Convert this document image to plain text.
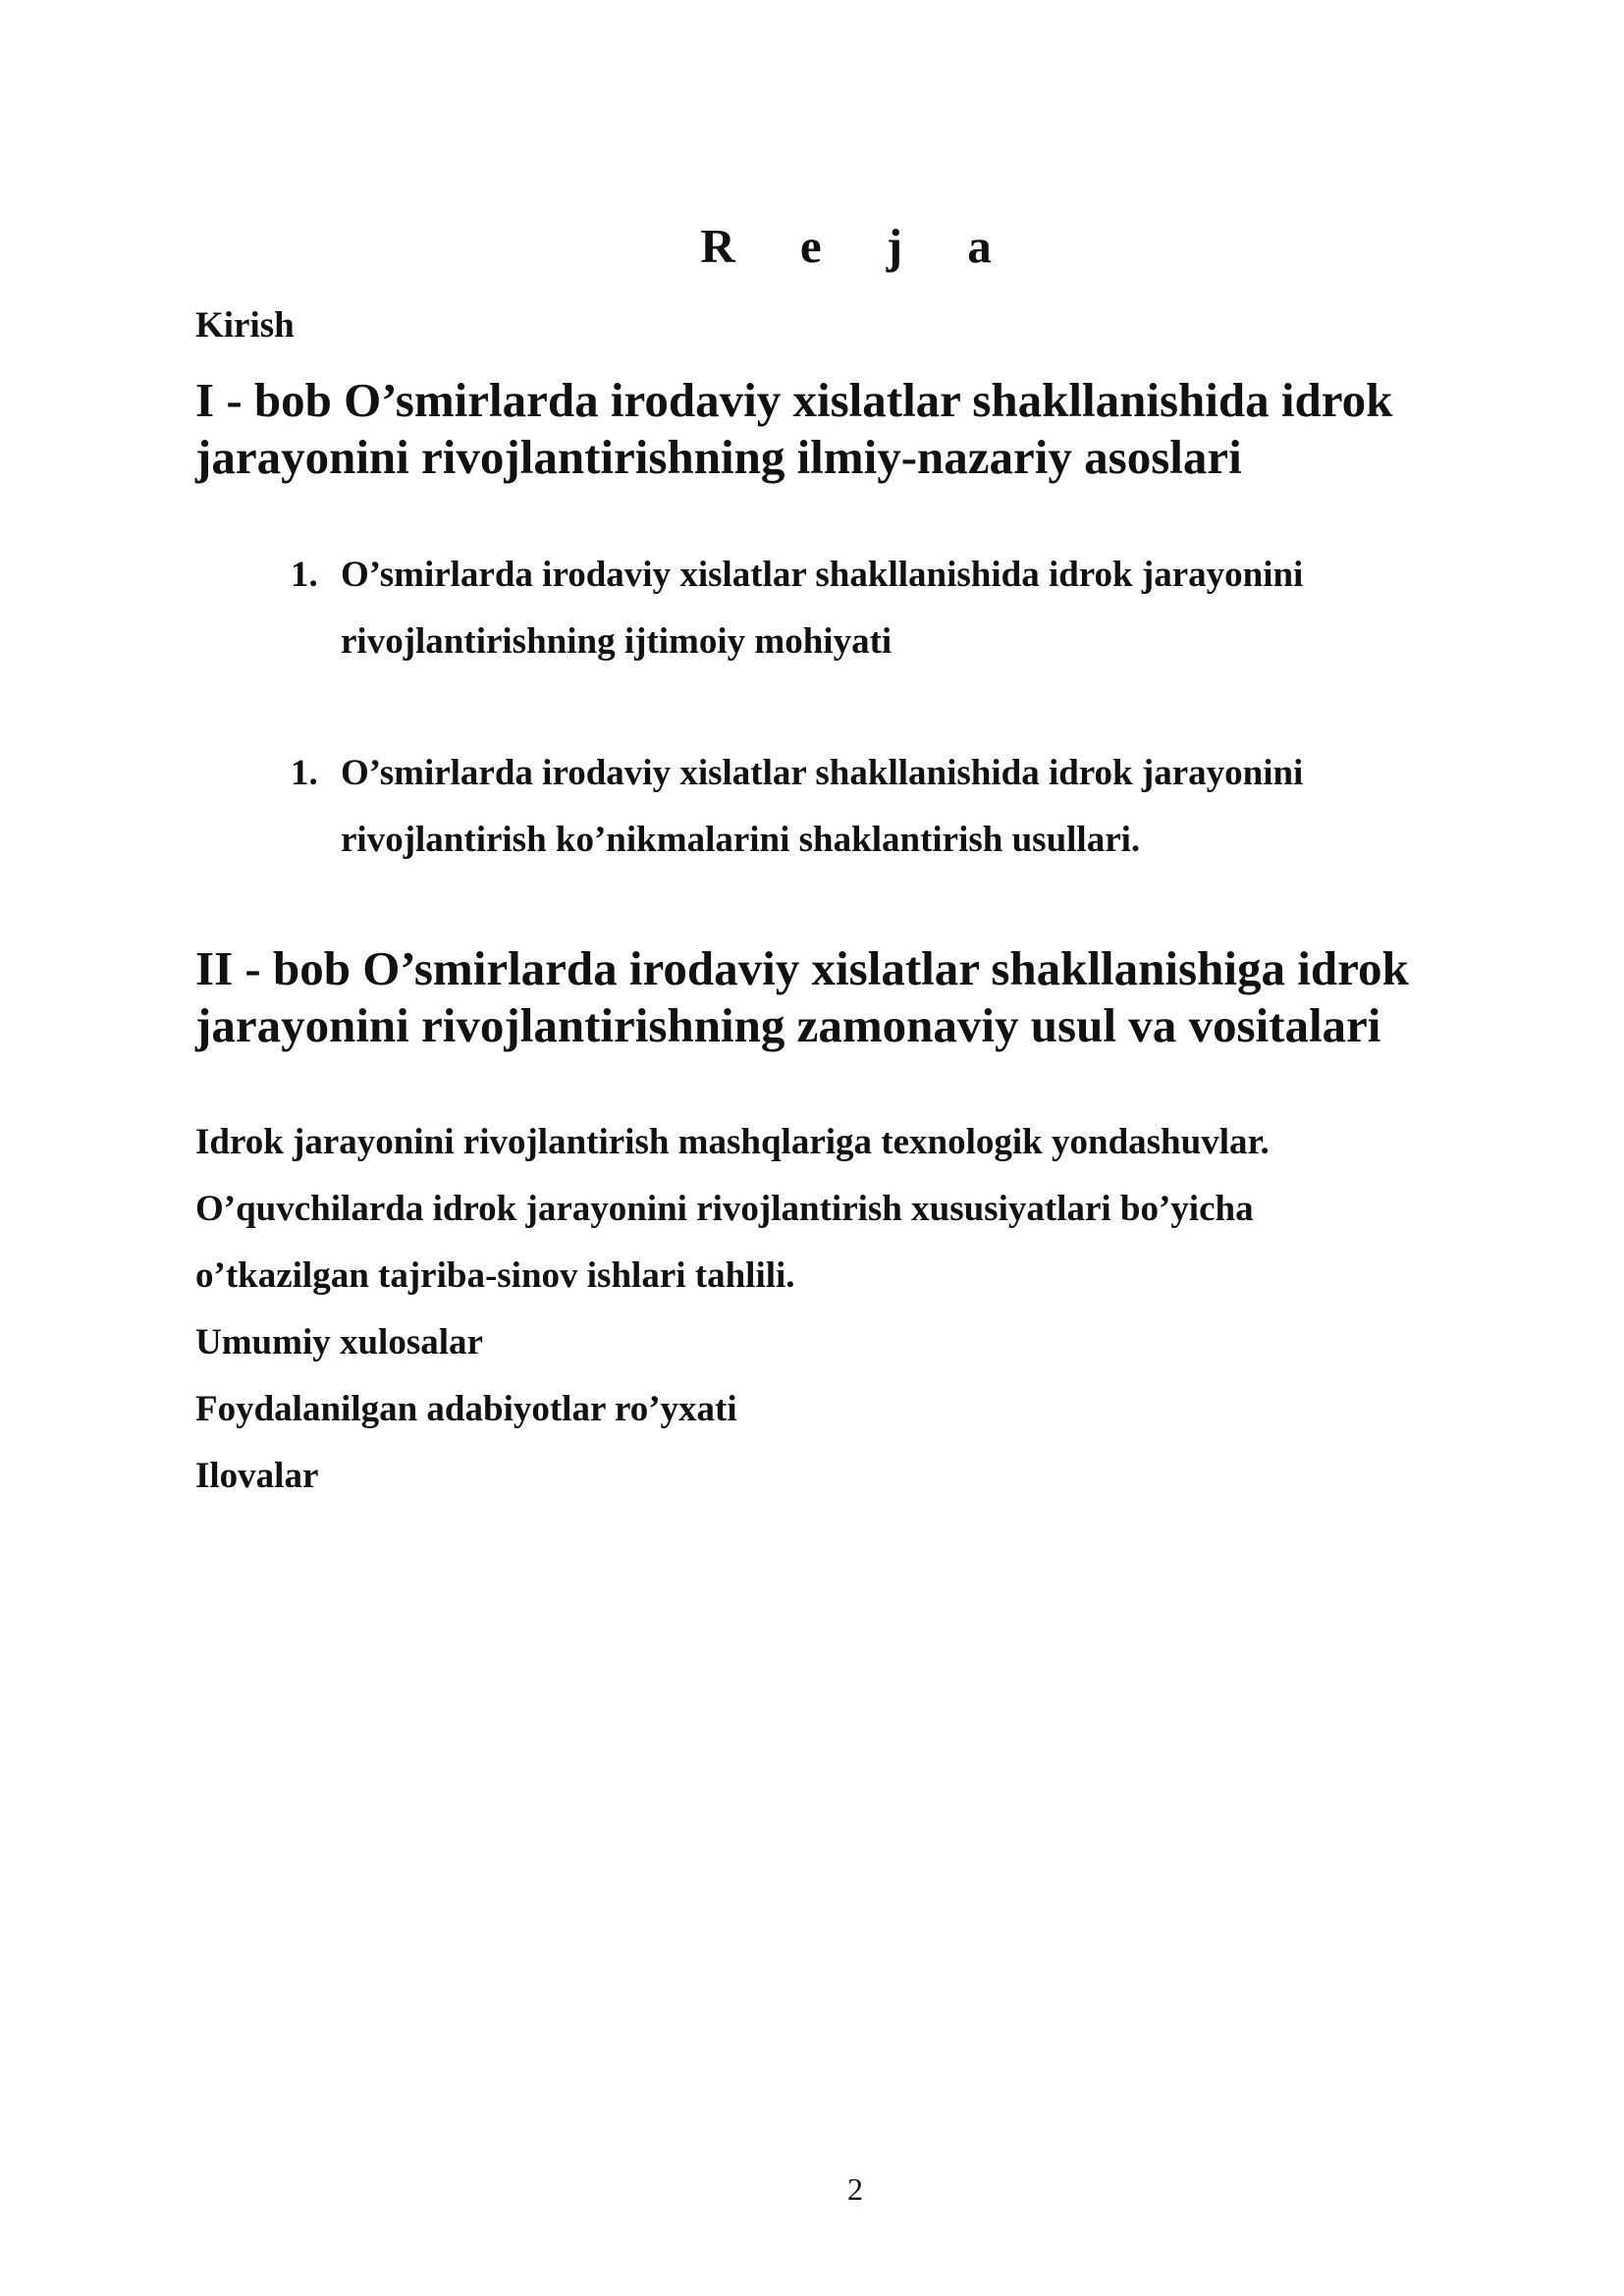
R e j a
Kirish
I - bob O’smirlarda irodaviy xislatlar shakllanishida idrok jarayonini rivojlantirishning ilmiy-nazariy asoslari
1. O’smirlarda irodaviy xislatlar shakllanishida idrok jarayonini rivojlantirishning ijtimoiy mohiyati
1. O’smirlarda irodaviy xislatlar shakllanishida idrok jarayonini rivojlantirish ko’nikmalarini shaklantirish usullari.
II - bob O’smirlarda irodaviy xislatlar shakllanishiga idrok jarayonini rivojlantirishning zamonaviy usul va vositalari
Idrok jarayonini rivojlantirish mashqlariga texnologik yondashuvlar.
O’quvchilarda idrok jarayonini rivojlantirish xususiyatlari bo’yicha
o’tkazilgan tajriba-sinov ishlari tahlili.
Umumiy xulosalar
Foydalanilgan adabiyotlar ro’yxati
Ilovalar
2
